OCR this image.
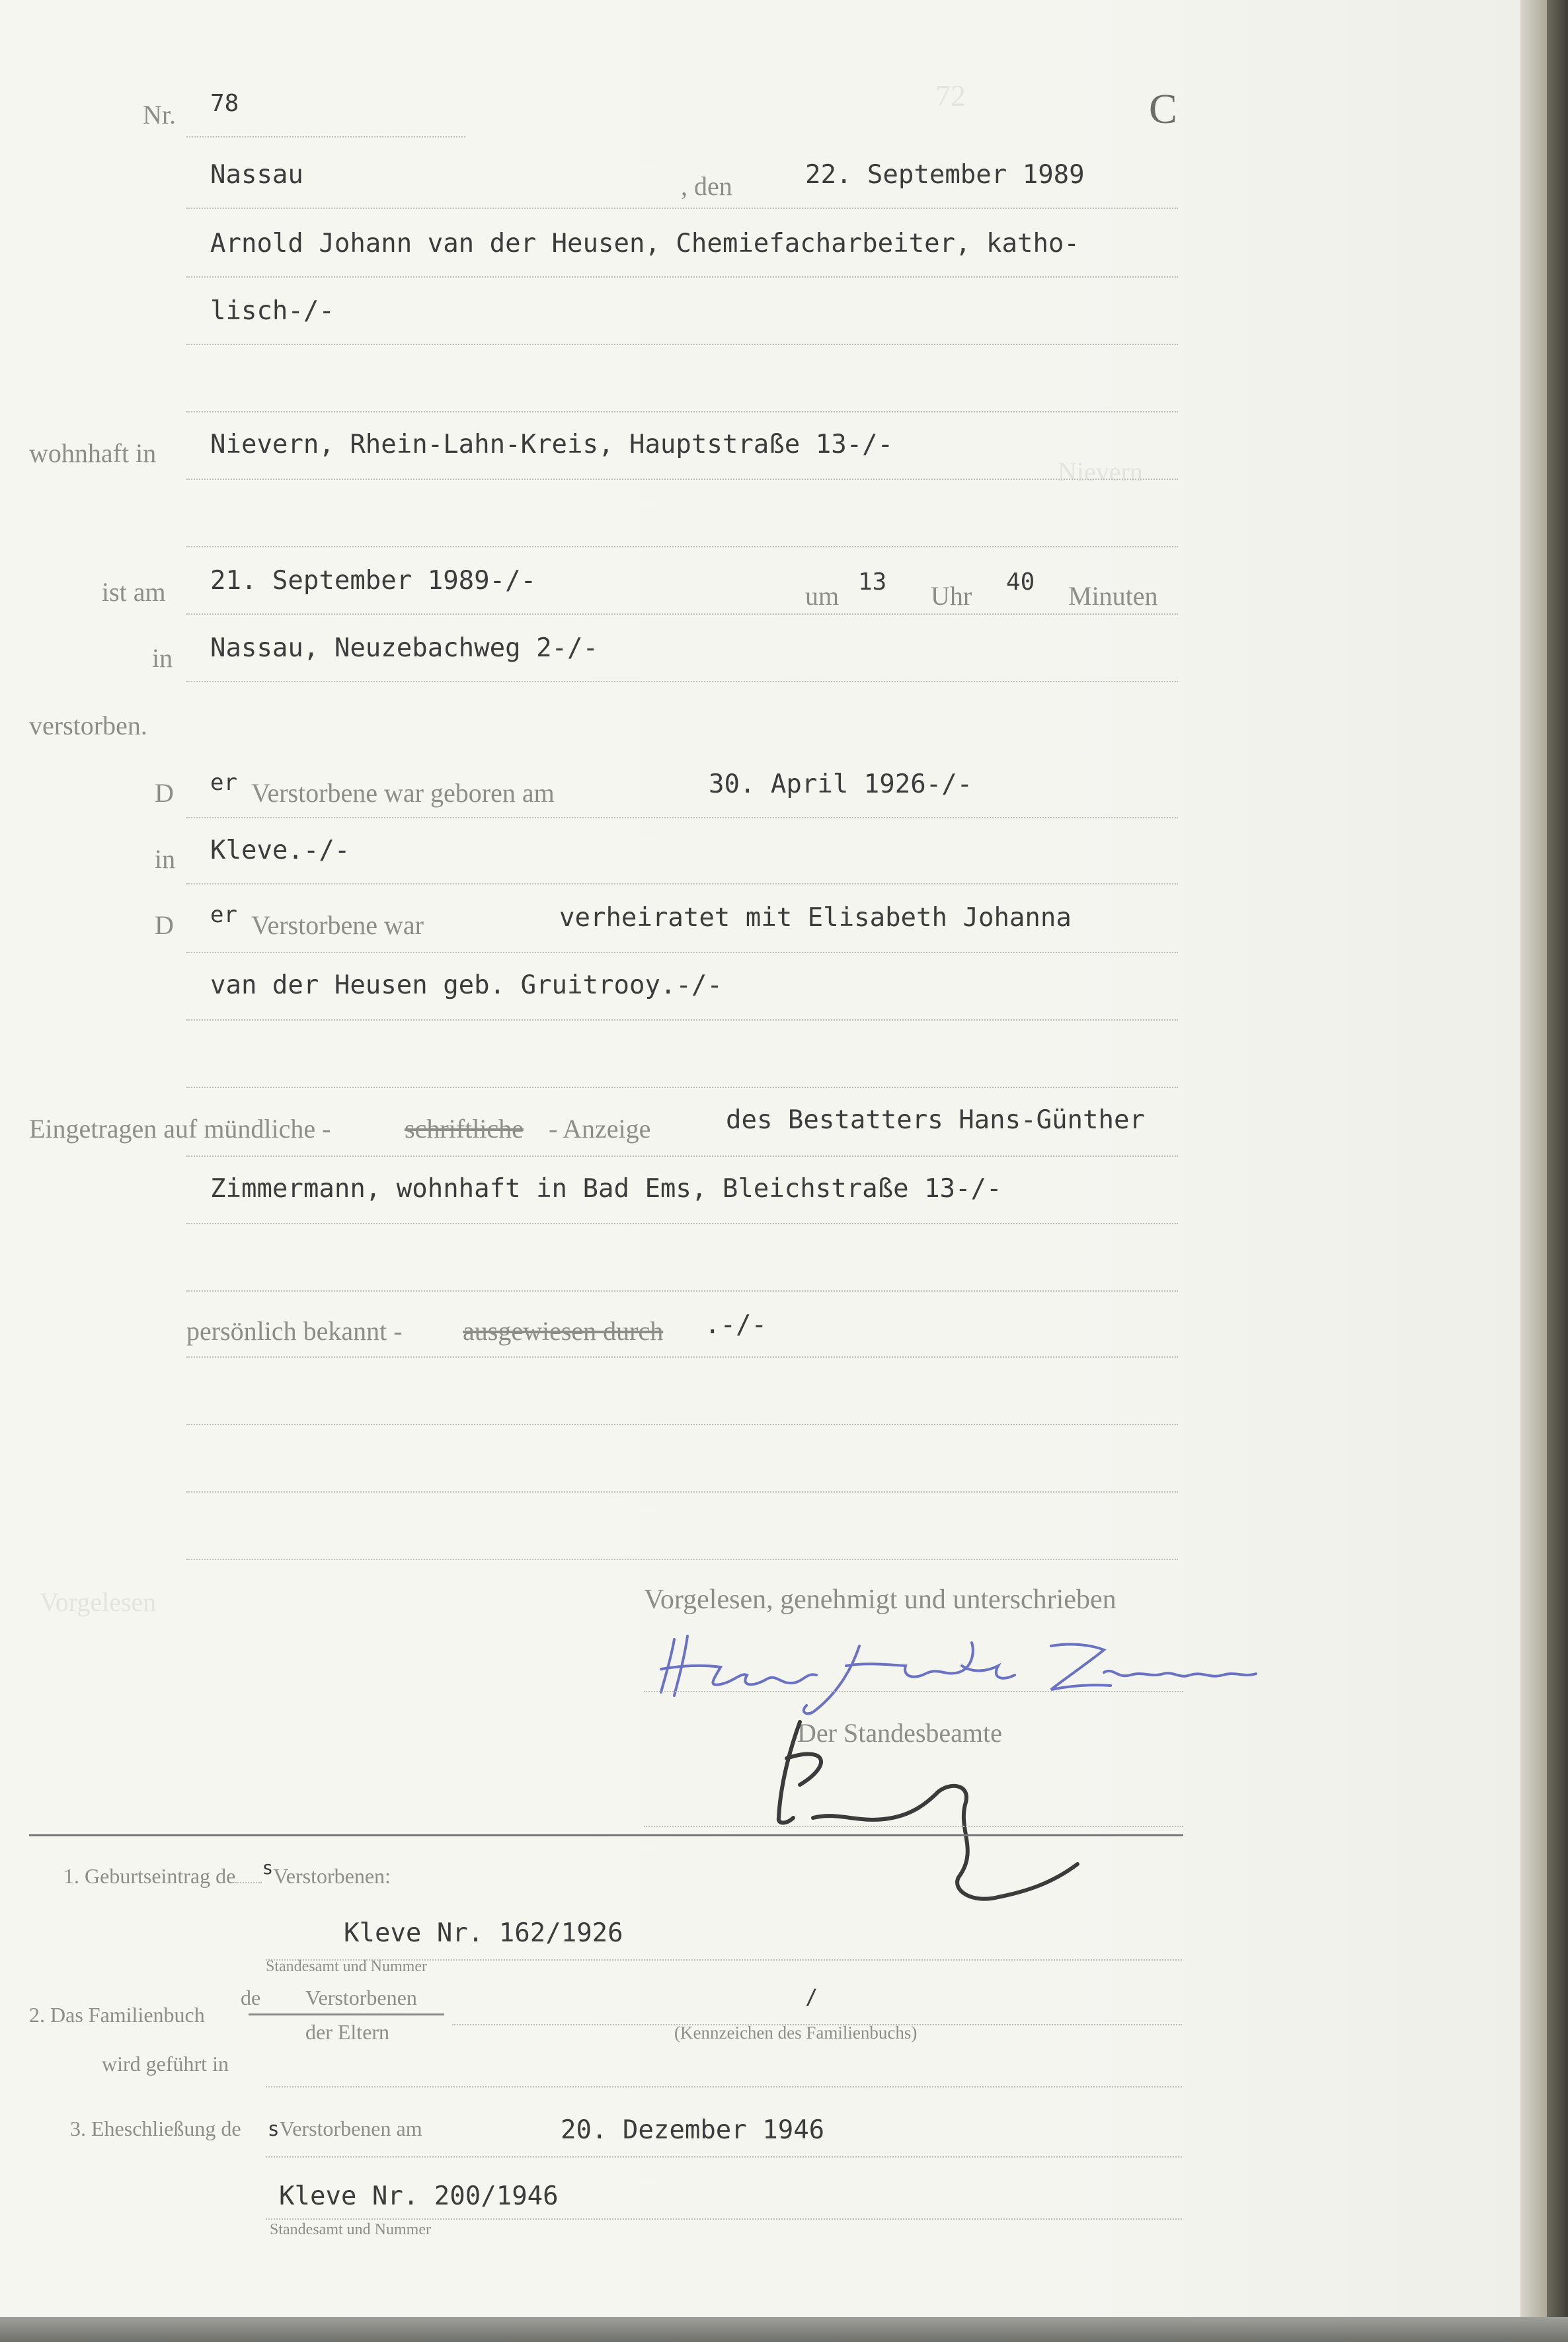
72
Nievern
Vorgelesen
C
Nr. 78
Nassau	, den	22. September 1989
Arnold Johann van der Heusen, Chemiefacharbeiter, katho-
lisch-/-
wohnhaft in Nievern, Rhein-Lahn-Kreis, Hauptstraße 13-/-
ist am 21. September 1989-/-
um 13 Uhr 40 Minuten
in Nassau, Neuzebachweg 2-/-
verstorben.
D er Verstorbene war geboren am	30. April 1926-/-
in Kleve.-/-
D er Verstorbene war	verheiratet mit Elisabeth Johanna
van der Heusen geb. Gruitrooy.-/-
Eingetragen auf mündliche -	schriftliche - Anzeige	des Bestatters Hans-Günther
Zimmermann, wohnhaft in Bad Ems, Bleichstraße 13-/-
persönlich bekannt - ausgewiesen durch .-/-
Vorgelesen, genehmigt und unterschrieben
Der Standesbeamte
1. Geburtseintrag de sVerstorbenen:
Kleve Nr. 162/1926
Standesamt und Nummer
2. Das Familienbuch
de Verstorbenen
der Eltern
/
(Kennzeichen des Familienbuchs)
wird geführt in
3. Eheschließung de sVerstorbenen am	20. Dezember 1946
Kleve Nr. 200/1946
Standesamt und Nummer
